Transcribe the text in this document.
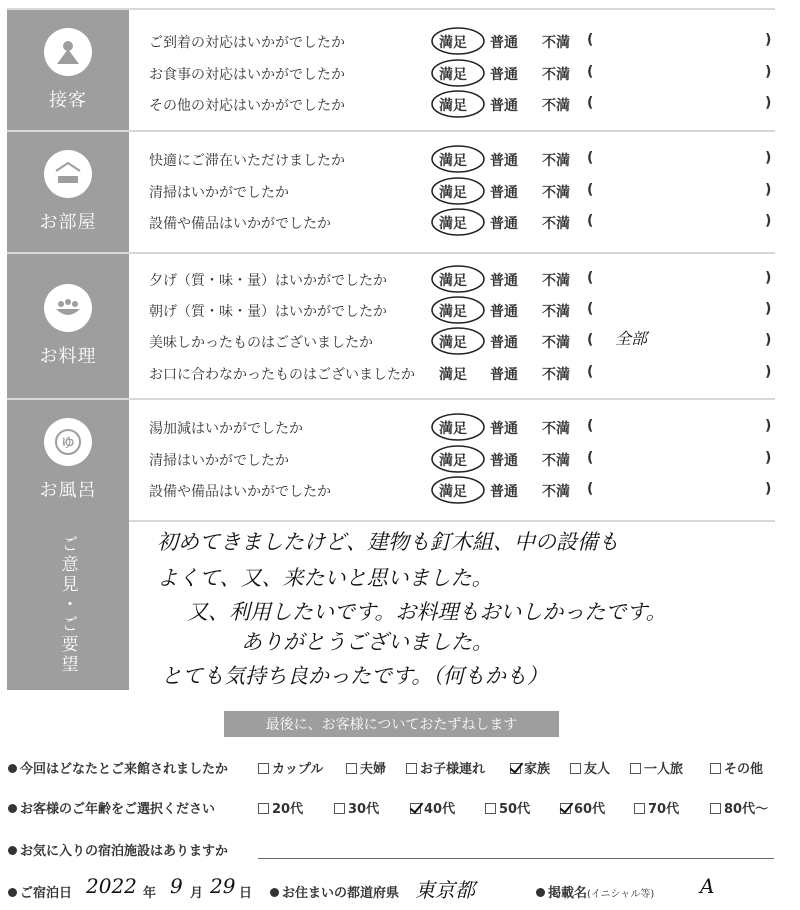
接客
ご到着の対応はいかがでしたか	満足 普通 不満 (	)
お食事の対応はいかがでしたか	満足 普通 不満 (	)
その他の対応はいかがでしたか	満足 普通 不満 (	)
お部屋
快適にご滞在いただけましたか	満足 普通 不満 (	)
清掃はいかがでしたか	満足 普通 不満 (	)
設備や備品はいかがでしたか	満足 普通 不満 (	)
お料理
夕げ（質・味・量）はいかがでしたか	満足 普通 不満 (	)
朝げ（質・味・量）はいかがでしたか	満足 普通 不満 (	)
美味しかったものはございましたか	満足 普通 不満 ( 全部	)
お口に合わなかったものはございましたか 満足 普通 不満 (	)
ゆ
お風呂
湯加減はいかがでしたか	満足 普通 不満 (	)
清掃はいかがでしたか	満足 普通 不満 (	)
設備や備品はいかがでしたか	満足 普通 不満 (	)
ご意見・ご要望	初めてきましたけど、建物も釘木組、中の設備も
よくて、又、来たいと思いました。
又、利用したいです。お料理もおいしかったです。
ありがとうございました。
とても気持ち良かったです。（何もかも）
最後に、お客様についておたずねします
今回はどなたとご来館されましたか	カップル	夫婦	お子様連れ	家族	友人	一人旅	その他
お客様のご年齢をご選択ください	20代	30代	40代	50代	60代	70代	80代〜
お気に入りの宿泊施設はありますか
ご宿泊日 2022 年 9 月 29 日	お住まいの都道府県 東京都	掲載名(イニシャル等) A
